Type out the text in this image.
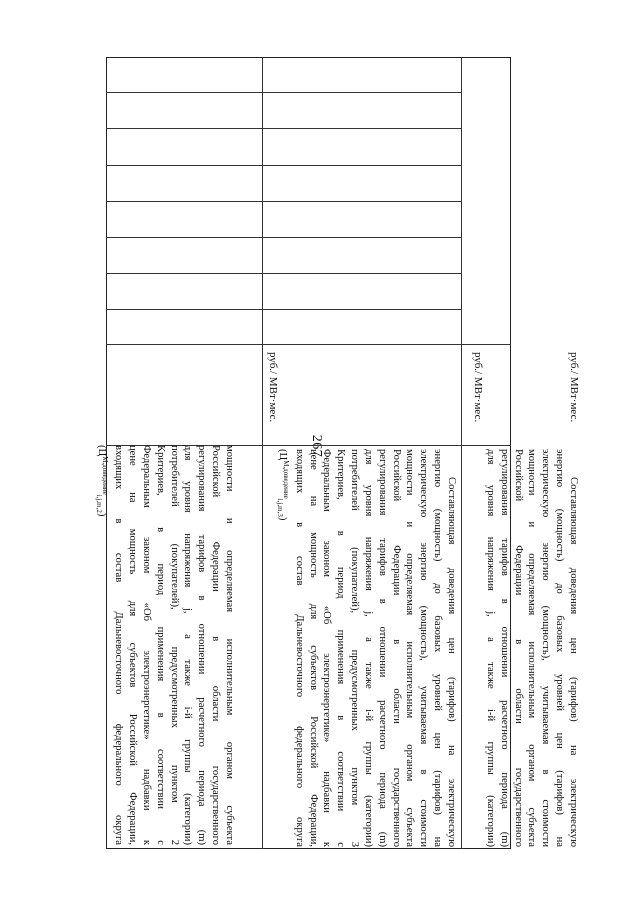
267
мощности и определяемая исполнительным органом субъекта
Российской Федерации в области государственного
регулирования тарифов в отношении расчетного периода (m)
для уровня напряжения j, а также i-й группы (категории)
потребителей (покупателей), предусмотренных пунктом 2
Критериев, в период применения в соответствии с
Федеральным законом «Об электроэнергетике» надбавки к
цене на мощность для субъектов Российской Федерации,
входящих в состав Дальневосточного федерального округа
$(Ц^{М,доведение}_{i,j,m,2})$
руб./ МВт·мес.
Составляющая доведения цен (тарифов) на электрическую
энергию (мощность) до базовых уровней цен (тарифов) на
электрическую энергию (мощность), учитываемая в стоимости
мощности и определяемая исполнительным органом субъекта
Российской Федерации в области государственного
регулирования тарифов в отношении расчетного периода (m)
для уровня напряжения j, а также i-й группы (категории)
потребителей (покупателей), предусмотренных пунктом 3
Критериев, в период применения в соответствии с
Федеральным законом «Об электроэнергетике» надбавки к
цене на мощность для субъектов Российской Федерации,
входящих в состав Дальневосточного федерального округа
$(Ц^{М,доведение}_{i,j,m,3})$
руб./ МВт·мес.
Составляющая доведения цен (тарифов) на электрическую
энергию (мощность) до базовых уровней цен (тарифов) на
электрическую энергию (мощность), учитываемая в стоимости
мощности и определяемая исполнительным органом субъекта
Российской Федерации в области государственного
регулирования тарифов в отношении расчетного периода (m)
для уровня напряжения j, а также i-й группы (категории)
руб./ МВт·мес.
